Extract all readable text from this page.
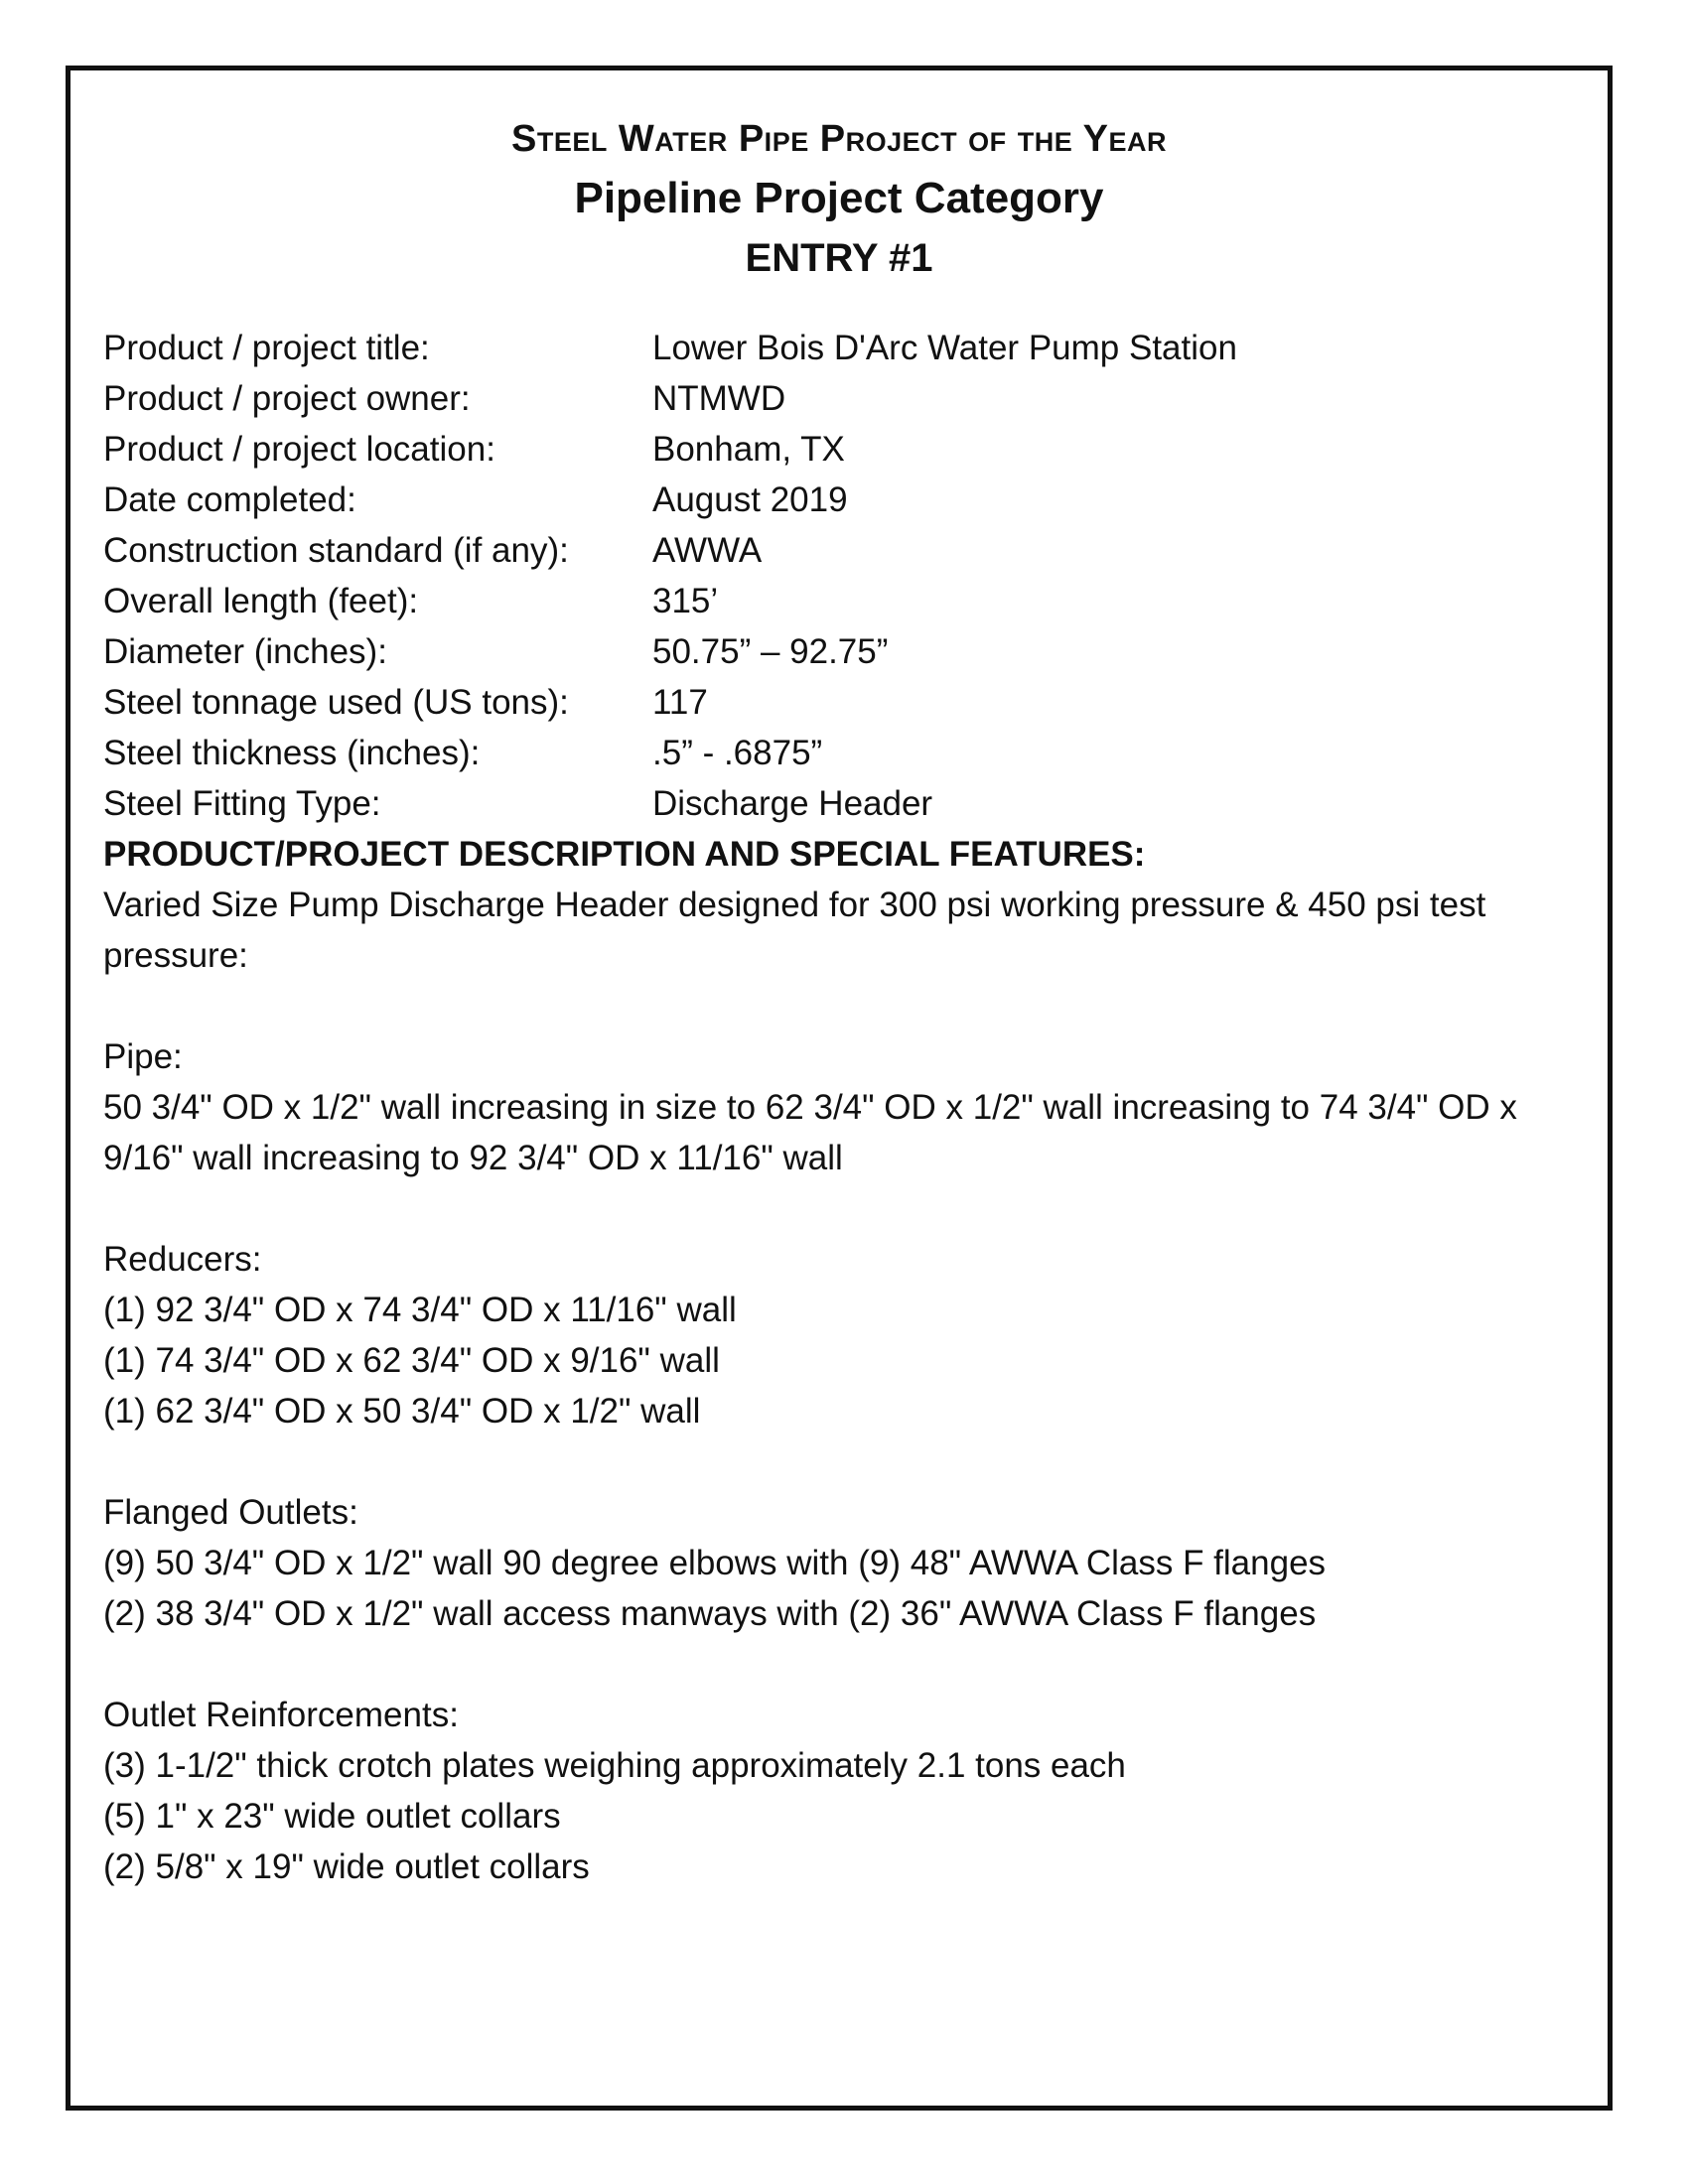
Steel Water Pipe Project of the Year
Pipeline Project Category
ENTRY #1
Product / project title:	Lower Bois D'Arc Water Pump Station
Product / project owner:	NTMWD
Product / project location:	Bonham, TX
Date completed:	August 2019
Construction standard (if any):	AWWA
Overall length (feet):	315’
Diameter (inches):	50.75” – 92.75”
Steel tonnage used (US tons):	117
Steel thickness (inches):	.5” - .6875”
Steel Fitting Type:	Discharge Header
PRODUCT/PROJECT DESCRIPTION AND SPECIAL FEATURES:
Varied Size Pump Discharge Header designed for 300 psi working pressure & 450 psi test pressure:
Pipe:
50 3/4" OD x 1/2" wall increasing in size to 62 3/4" OD x 1/2" wall increasing to 74 3/4" OD x 9/16" wall increasing to 92 3/4" OD x 11/16" wall
Reducers:
(1) 92 3/4" OD x 74 3/4" OD x 11/16" wall
(1) 74 3/4" OD x 62 3/4" OD x 9/16" wall
(1) 62 3/4" OD x 50 3/4" OD x 1/2" wall
Flanged Outlets:
(9) 50 3/4" OD x 1/2" wall 90 degree elbows with (9) 48" AWWA Class F flanges
(2) 38 3/4" OD x 1/2" wall access manways with (2) 36" AWWA Class F flanges
Outlet Reinforcements:
(3) 1-1/2" thick crotch plates weighing approximately 2.1 tons each
(5) 1" x 23" wide outlet collars
(2) 5/8" x 19" wide outlet collars
